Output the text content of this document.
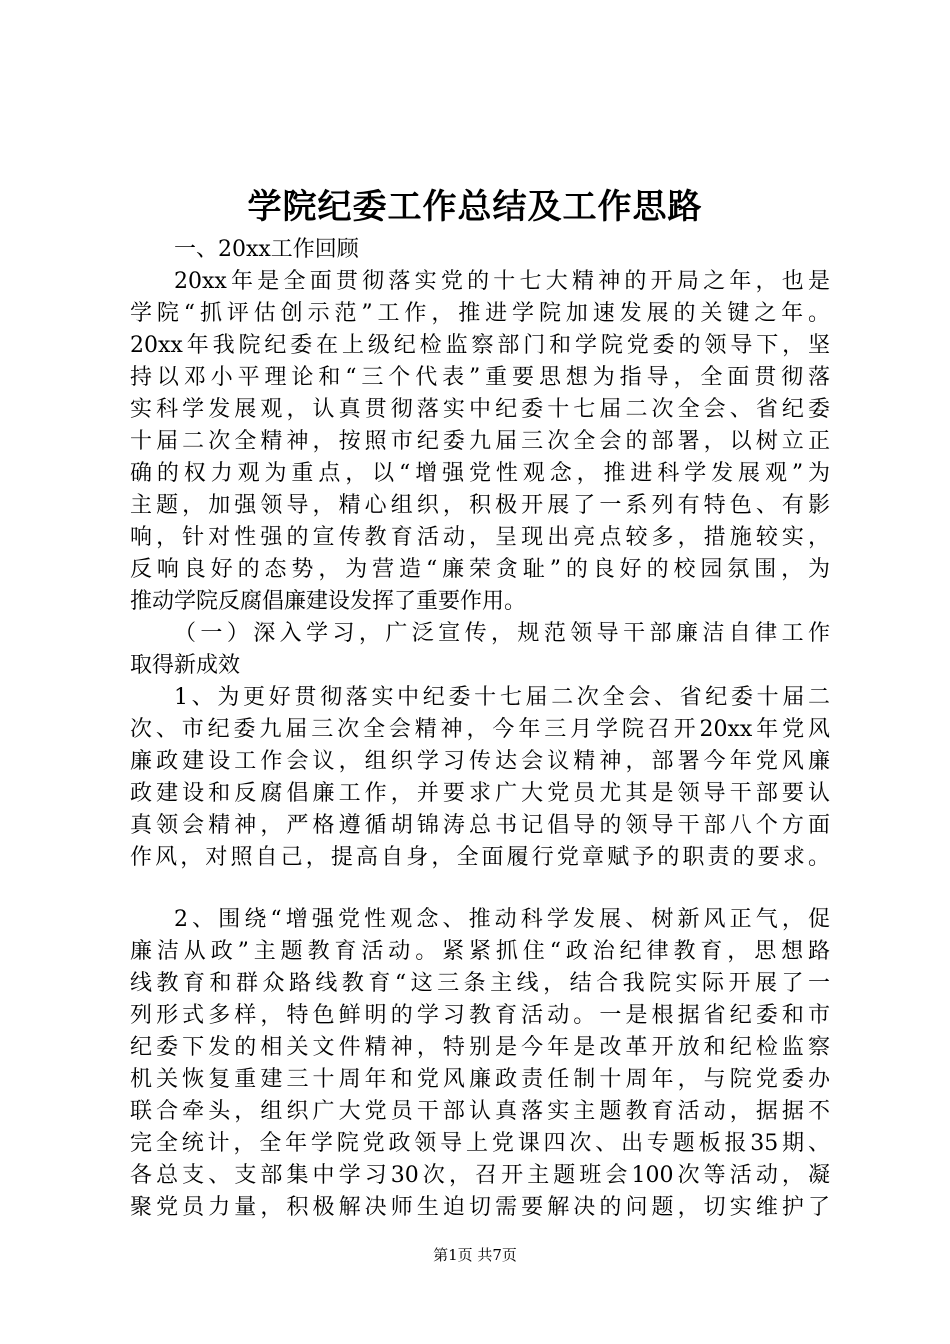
学院纪委工作总结及工作思路
一、20xx工作回顾
20xx年是全面贯彻落实党的十七大精神的开局之年，也是
学院“抓评估创示范”工作，推进学院加速发展的关键之年。
20xx年我院纪委在上级纪检监察部门和学院党委的领导下，坚
持以邓小平理论和“三个代表”重要思想为指导，全面贯彻落
实科学发展观，认真贯彻落实中纪委十七届二次全会、省纪委
十届二次全精神，按照市纪委九届三次全会的部署，以树立正
确的权力观为重点，以“增强党性观念，推进科学发展观”为
主题，加强领导，精心组织，积极开展了一系列有特色、有影
响，针对性强的宣传教育活动，呈现出亮点较多，措施较实，
反响良好的态势，为营造“廉荣贪耻”的良好的校园氛围，为
推动学院反腐倡廉建设发挥了重要作用。
（一）深入学习，广泛宣传，规范领导干部廉洁自律工作
取得新成效
1、为更好贯彻落实中纪委十七届二次全会、省纪委十届二
次、市纪委九届三次全会精神，今年三月学院召开20xx年党风
廉政建设工作会议，组织学习传达会议精神，部署今年党风廉
政建设和反腐倡廉工作，并要求广大党员尤其是领导干部要认
真领会精神，严格遵循胡锦涛总书记倡导的领导干部八个方面
作风，对照自己，提高自身，全面履行党章赋予的职责的要求。
2、围绕“增强党性观念、推动科学发展、树新风正气，促
廉洁从政”主题教育活动。紧紧抓住“政治纪律教育，思想路
线教育和群众路线教育“这三条主线，结合我院实际开展了一
列形式多样，特色鲜明的学习教育活动。一是根据省纪委和市
纪委下发的相关文件精神，特别是今年是改革开放和纪检监察
机关恢复重建三十周年和党风廉政责任制十周年，与院党委办
联合牵头，组织广大党员干部认真落实主题教育活动，据据不
完全统计，全年学院党政领导上党课四次、出专题板报35期、
各总支、支部集中学习30次，召开主题班会100次等活动，凝
聚党员力量，积极解决师生迫切需要解决的问题，切实维护了
第1页 共7页
